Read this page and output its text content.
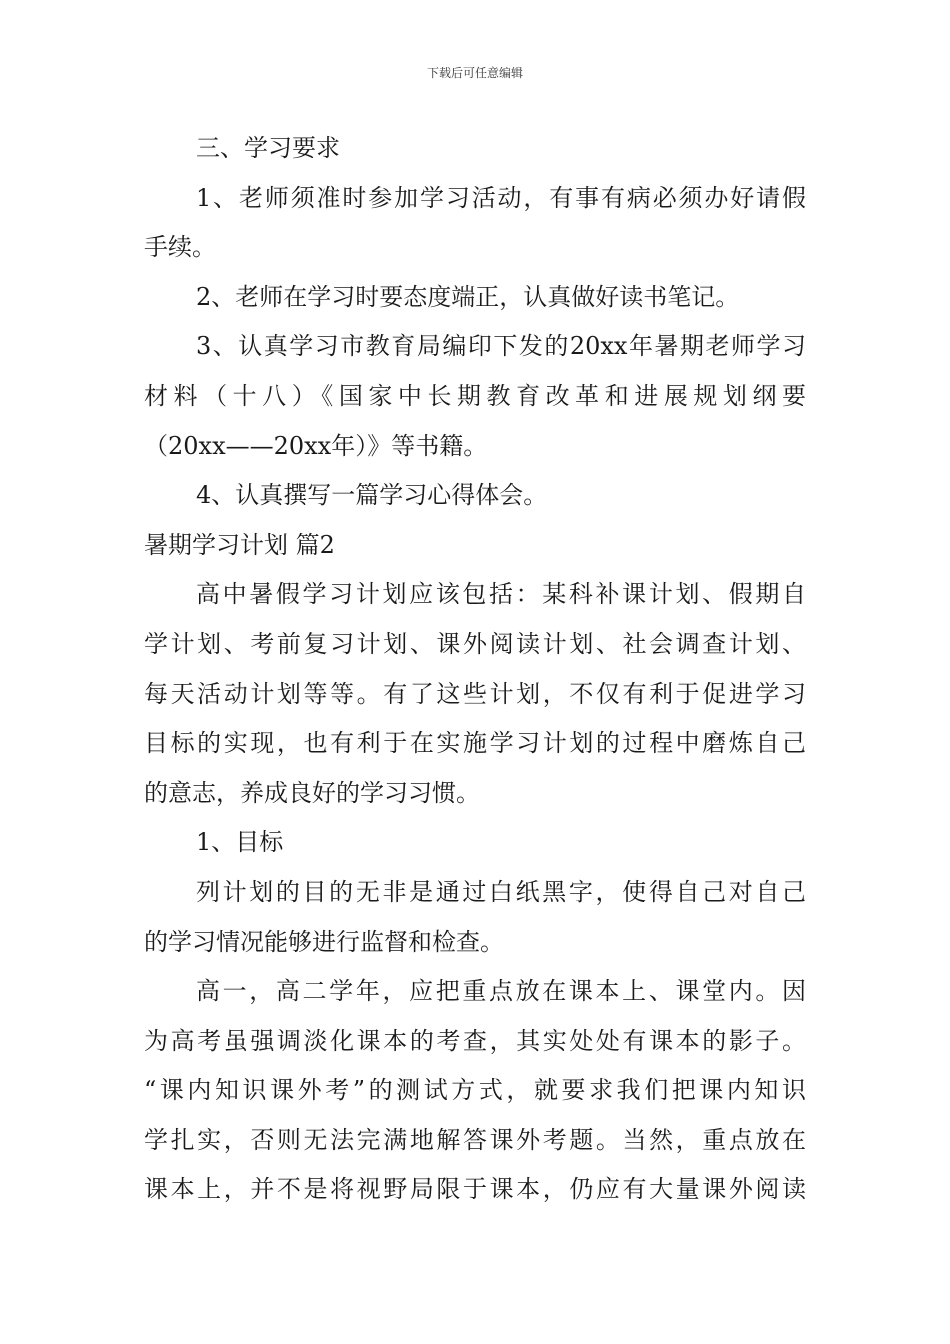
下载后可任意编辑
三、学习要求
1、老师须准时参加学习活动，有事有病必须办好请假
手续。
2、老师在学习时要态度端正，认真做好读书笔记。
3、认真学习市教育局编印下发的20xx年暑期老师学习
材料（十八）《国家中长期教育改革和进展规划纲要
（20xx——20xx年）》等书籍。
4、认真撰写一篇学习心得体会。
暑期学习计划 篇2
高中暑假学习计划应该包括：某科补课计划、假期自
学计划、考前复习计划、课外阅读计划、社会调查计划、
每天活动计划等等。有了这些计划，不仅有利于促进学习
目标的实现，也有利于在实施学习计划的过程中磨炼自己
的意志，养成良好的学习习惯。
1、目标
列计划的目的无非是通过白纸黑字，使得自己对自己
的学习情况能够进行监督和检查。
高一，高二学年，应把重点放在课本上、课堂内。因
为高考虽强调淡化课本的考查，其实处处有课本的影子。
“课内知识课外考”的测试方式，就要求我们把课内知识
学扎实，否则无法完满地解答课外考题。当然，重点放在
课本上，并不是将视野局限于课本，仍应有大量课外阅读
